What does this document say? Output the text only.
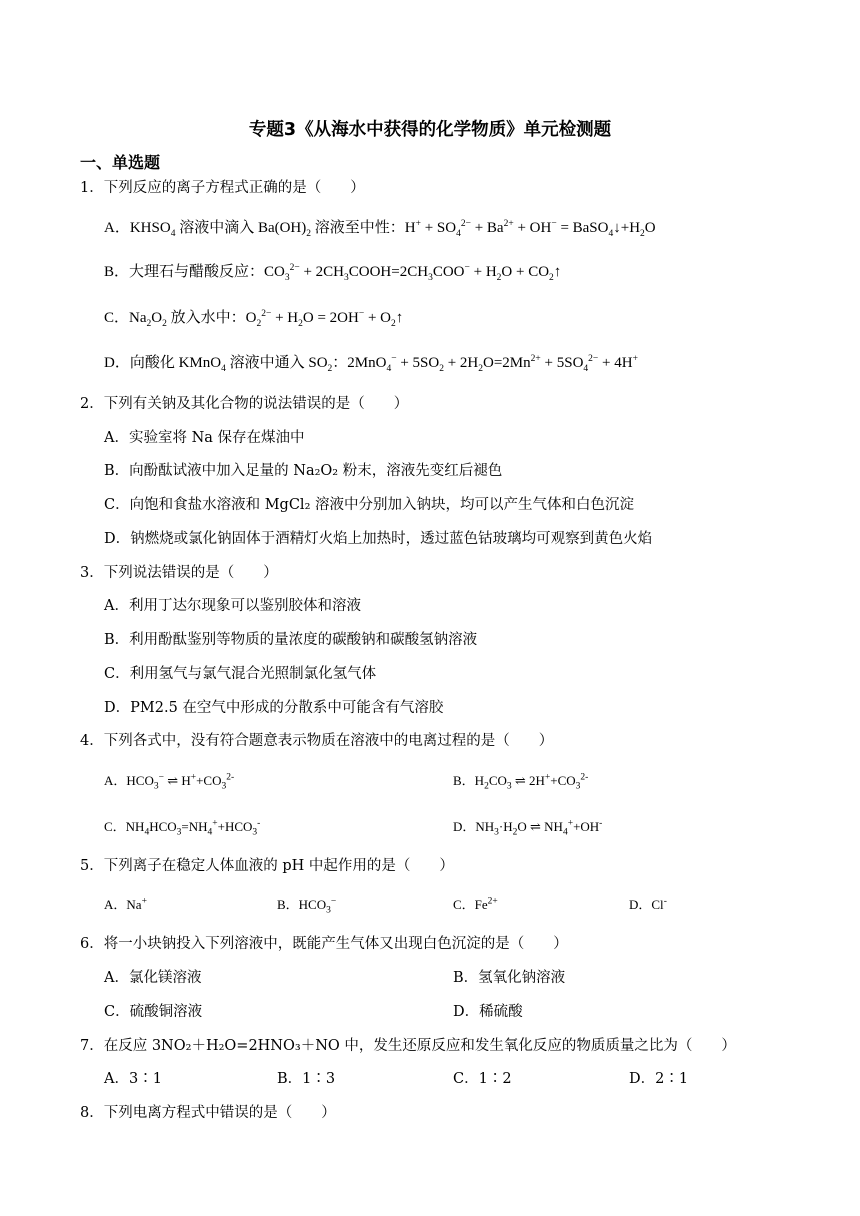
专题3《从海水中获得的化学物质》单元检测题
一、单选题
1．下列反应的离子方程式正确的是（　　）
A．$KHSO_4$ 溶液中滴入 $Ba(OH)_2$ 溶液至中性：$H^+ + SO_4^{2-} + Ba^{2+} + OH^-$ = $BaSO_4↓+H_2O$
B．大理石与醋酸反应：$CO_3^{2-}$ + $2CH_3COOH=2CH_3COO^- + H_2O$ + $CO_2↑$
C．$Na_2O_2$ 放入水中：$O_2^{2-} + H_2O = 2OH^-$ + $O_2↑$
D．向酸化 KMnO$_4$ 溶液中通入 $SO_2$：$2MnO_4^- + 5SO_2 + 2H_2O=2Mn^{2+} + 5SO_4^{2-} + 4H^+$
2．下列有关钠及其化合物的说法错误的是（　　）
A．实验室将 Na 保存在煤油中
B．向酚酞试液中加入足量的 Na₂O₂ 粉末，溶液先变红后褪色
C．向饱和食盐水溶液和 MgCl₂ 溶液中分别加入钠块，均可以产生气体和白色沉淀
D．钠燃烧或氯化钠固体于酒精灯火焰上加热时，透过蓝色钴玻璃均可观察到黄色火焰
3．下列说法错误的是（　　）
A．利用丁达尔现象可以鉴别胶体和溶液
B．利用酚酞鉴别等物质的量浓度的碳酸钠和碳酸氢钠溶液
C．利用氢气与氯气混合光照制氯化氢气体
D．PM2.5 在空气中形成的分散系中可能含有气溶胶
4．下列各式中，没有符合题意表示物质在溶液中的电离过程的是（　　）
A．$HCO_3^-$ ⇌ $H^++CO_3^{2-}$	B．$H_2CO_3$ ⇌ $2H^++CO_3^{2-}$
C．$NH_4HCO_3=NH_4^++HCO_3^-$	D．$NH_3\cdot H_2O$ ⇌ $NH_4^++OH^-$
5．下列离子在稳定人体血液的 pH 中起作用的是（　　）
A．Na+	B．$HCO_3^-$	C．$Fe^{2+}$	D．Cl-
6．将一小块钠投入下列溶液中，既能产生气体又出现白色沉淀的是（　　）
A．氯化镁溶液	B．氢氧化钠溶液
C．硫酸铜溶液	D．稀硫酸
7．在反应 3NO₂＋H₂O=2HNO₃＋NO 中，发生还原反应和发生氧化反应的物质质量之比为（　　）
A．3∶1	B．1∶3	C．1∶2	D．2∶1
8．下列电离方程式中错误的是（　　）
